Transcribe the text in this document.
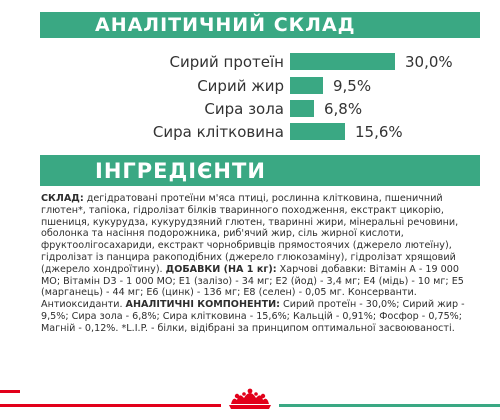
АНАЛІТИЧНИЙ СКЛАД
Сирий протеїн	30,0%
Сирий жир	9,5%
Сира зола	6,8%
Сира клітковина	15,6%
ІНГРЕДІЄНТИ
СКЛАД: дегідратовані протеїни м'яса птиці, рослинна клітковина, пшеничний глютен*, тапіока, гідролізат білків тваринного походження, екстракт цикорію, пшениця, кукурудза, кукурудзяний глютен, тваринні жири, мінеральні речовини, оболонка та насіння подорожника, риб'ячий жир, сіль жирної кислоти, фруктоолігосахариди, екстракт чорнобривців прямостоячих (джерело лютеїну), гідролізат із панцира ракоподібних (джерело глюкозаміну), гідролізат хрящовий (джерело хондроїтину). ДОБАВКИ (НА 1 кг): Харчові добавки: Вітамін А - 19 000 МО; Вітамін D3 - 1 000 МО; Е1 (залізо) - 34 мг; Е2 (йод) - 3,4 мг; Е4 (мідь) - 10 мг; Е5 (марганець) - 44 мг; Е6 (цинк) - 136 мг; Е8 (селен) - 0,05 мг. Консерванти. Антиоксиданти. АНАЛІТИЧНІ КОМПОНЕНТИ: Сирий протеїн - 30,0%; Сирий жир - 9,5%; Сира зола - 6,8%; Сира клітковина - 15,6%; Кальцій - 0,91%; Фосфор - 0,75%; Магній - 0,12%. *L.I.P. - білки, відібрані за принципом оптимальної засвоюваності.
